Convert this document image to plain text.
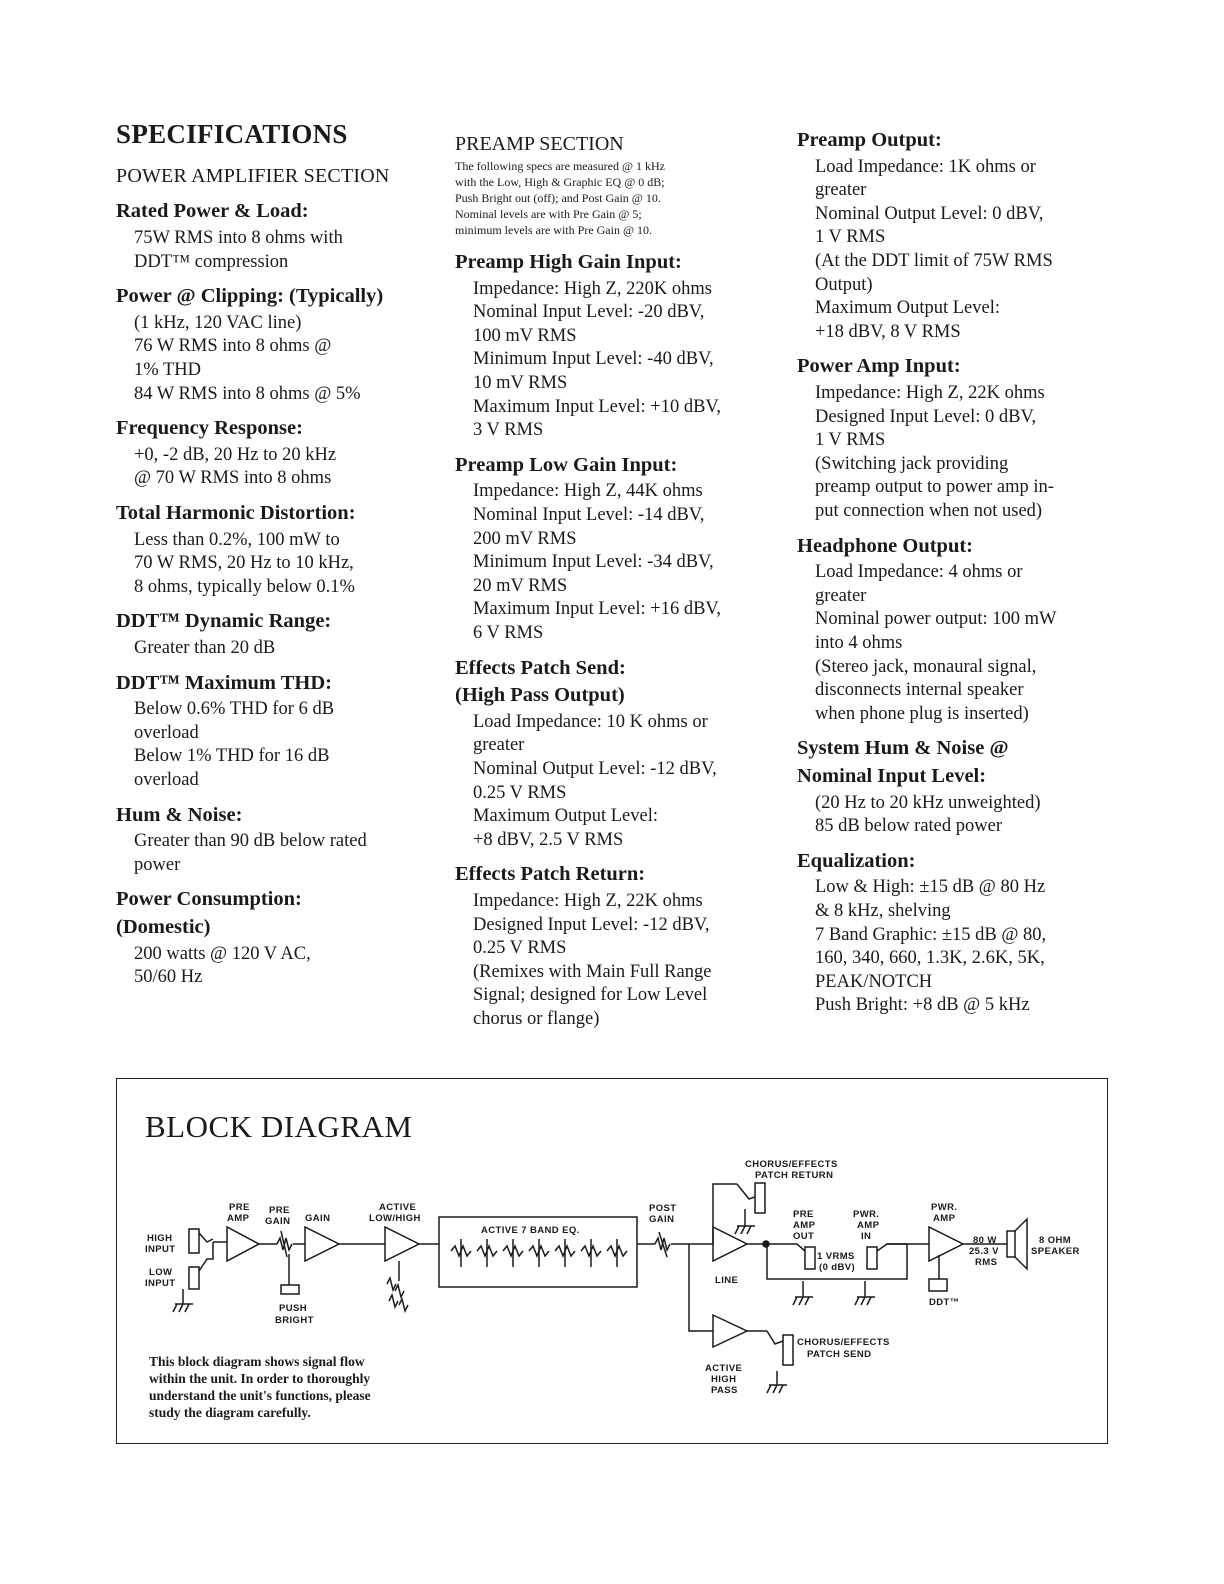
SPECIFICATIONS
POWER AMPLIFIER SECTION
Rated Power & Load:
75W RMS into 8 ohms with
DDT™ compression
Power @ Clipping: (Typically)
(1 kHz, 120 VAC line)
76 W RMS into 8 ohms @
1% THD
84 W RMS into 8 ohms @ 5%
Frequency Response:
+0, -2 dB, 20 Hz to 20 kHz
@ 70 W RMS into 8 ohms
Total Harmonic Distortion:
Less than 0.2%, 100 mW to
70 W RMS, 20 Hz to 10 kHz,
8 ohms, typically below 0.1%
DDT™ Dynamic Range:
Greater than 20 dB
DDT™ Maximum THD:
Below 0.6% THD for 6 dB
overload
Below 1% THD for 16 dB
overload
Hum & Noise:
Greater than 90 dB below rated
power
Power Consumption:
(Domestic)
200 watts @ 120 V AC,
50/60 Hz
PREAMP SECTION
The following specs are measured @ 1 kHz
with the Low, High & Graphic EQ @ 0 dB;
Push Bright out (off); and Post Gain @ 10.
Nominal levels are with Pre Gain @ 5;
minimum levels are with Pre Gain @ 10.
Preamp High Gain Input:
Impedance: High Z, 220K ohms
Nominal Input Level: -20 dBV,
100 mV RMS
Minimum Input Level: -40 dBV,
10 mV RMS
Maximum Input Level: +10 dBV,
3 V RMS
Preamp Low Gain Input:
Impedance: High Z, 44K ohms
Nominal Input Level: -14 dBV,
200 mV RMS
Minimum Input Level: -34 dBV,
20 mV RMS
Maximum Input Level: +16 dBV,
6 V RMS
Effects Patch Send:
(High Pass Output)
Load Impedance: 10 K ohms or
greater
Nominal Output Level: -12 dBV,
0.25 V RMS
Maximum Output Level:
+8 dBV, 2.5 V RMS
Effects Patch Return:
Impedance: High Z, 22K ohms
Designed Input Level: -12 dBV,
0.25 V RMS
(Remixes with Main Full Range
Signal; designed for Low Level
chorus or flange)
Preamp Output:
Load Impedance: 1K ohms or
greater
Nominal Output Level: 0 dBV,
1 V RMS
(At the DDT limit of 75W RMS
Output)
Maximum Output Level:
+18 dBV, 8 V RMS
Power Amp Input:
Impedance: High Z, 22K ohms
Designed Input Level: 0 dBV,
1 V RMS
(Switching jack providing
preamp output to power amp in-
put connection when not used)
Headphone Output:
Load Impedance: 4 ohms or
greater
Nominal power output: 100 mW
into 4 ohms
(Stereo jack, monaural signal,
disconnects internal speaker
when phone plug is inserted)
System Hum & Noise @
Nominal Input Level:
(20 Hz to 20 kHz unweighted)
85 dB below rated power
Equalization:
Low & High: ±15 dB @ 80 Hz
& 8 kHz, shelving
7 Band Graphic: ±15 dB @ 80,
160, 340, 660, 1.3K, 2.6K, 5K,
PEAK/NOTCH
Push Bright: +8 dB @ 5 kHz
BLOCK DIAGRAM
HIGH
INPUT
LOW
INPUT
PRE
AMP
PRE
GAIN GAIN
PUSH
BRIGHT
ACTIVE
LOW/HIGH
ACTIVE 7 BAND EQ.
POST
GAIN
CHORUS/EFFECTS
PATCH RETURN
LINE
PRE
AMP
OUT
PWR.
AMP
IN
1 VRMS
(0 dBV)
PWR.
AMP
80 W
25.3 V
RMS
8 OHM
SPEAKER
DDT™
CHORUS/EFFECTS
PATCH SEND
ACTIVE
HIGH
PASS
This block diagram shows signal flow
within the unit. In order to thoroughly
understand the unit's functions, please
study the diagram carefully.
